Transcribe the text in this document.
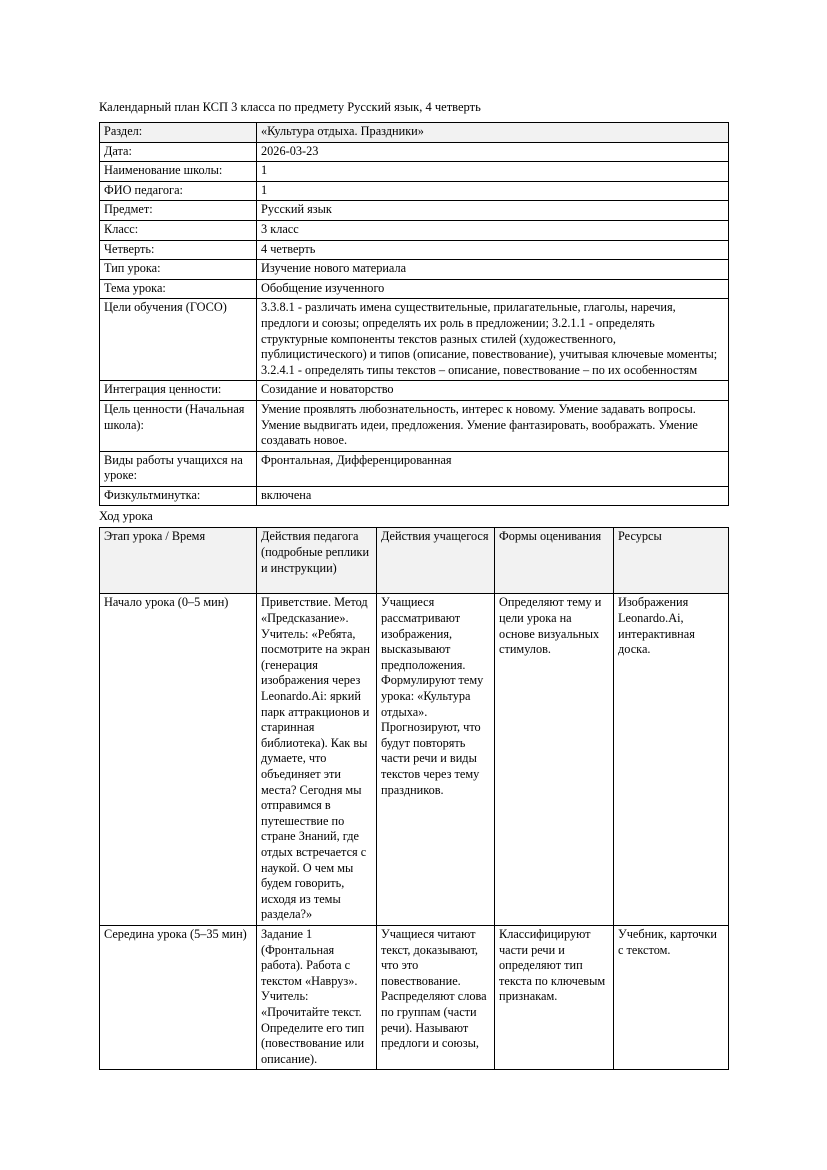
Календарный план КСП 3 класса по предмету Русский язык, 4 четверть
Раздел:	«Культура отдыха. Праздники»
Дата:	2026-03-23
Наименование школы:	1
ФИО педагога:	1
Предмет:	Русский язык
Класс:	3 класс
Четверть:	4 четверть
Тип урока:	Изучение нового материала
Тема урока:	Обобщение изученного
Цели обучения (ГОСО)	3.3.8.1 - различать имена существительные, прилагательные, глаголы, наречия, предлоги и союзы; определять их роль в предложении; 3.2.1.1 - определять структурные компоненты текстов разных стилей (художественного, публицистического) и типов (описание, повествование), учитывая ключевые моменты; 3.2.4.1 - определять типы текстов – описание, повествование – по их особенностям
Интеграция ценности:	Созидание и новаторство
Цель ценности (Начальная школа):	Умение проявлять любознательность, интерес к новому. Умение задавать вопросы. Умение выдвигать идеи, предложения. Умение фантазировать, воображать. Умение создавать новое.
Виды работы учащихся на уроке:	Фронтальная, Дифференцированная
Физкультминутка:	включена
Ход урока
Этап урока / Время	Действия педагога (подробные реплики и инструкции)	Действия учащегося	Формы оценивания	Ресурсы
Начало урока (0–5 мин)	Приветствие. Метод «Предсказание». Учитель: «Ребята, посмотрите на экран (генерация изображения через Leonardo.Ai: яркий парк аттракционов и старинная библиотека). Как вы думаете, что объединяет эти места? Сегодня мы отправимся в путешествие по стране Знаний, где отдых встречается с наукой. О чем мы будем говорить, исходя из темы раздела?»	Учащиеся рассматривают изображения, высказывают предположения. Формулируют тему урока: «Культура отдыха». Прогнозируют, что будут повторять части речи и виды текстов через тему праздников.	Определяют тему и цели урока на основе визуальных стимулов.	Изображения Leonardo.Ai, интерактивная доска.
Середина урока (5–35 мин)	Задание 1 (Фронтальная работа). Работа с текстом «Навруз». Учитель: «Прочитайте текст. Определите его тип (повествование или описание).	Учащиеся читают текст, доказывают, что это повествование. Распределяют слова по группам (части речи). Называют предлоги и союзы,	Классифицируют части речи и определяют тип текста по ключевым признакам.	Учебник, карточки с текстом.
